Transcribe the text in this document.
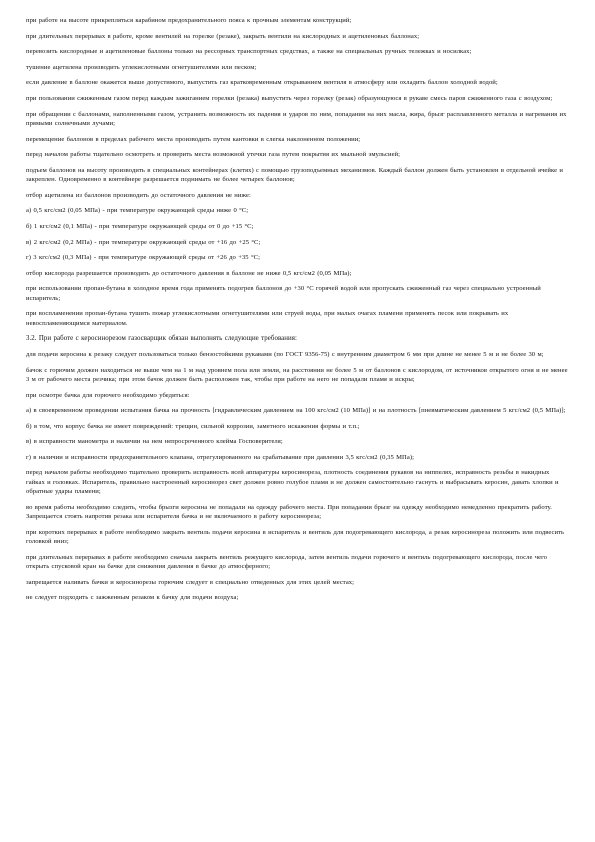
при работе на высоте прикрепляться карабином предохранительного пояса к прочным элементам конструкций;

при длительных перерывах в работе, кроме вентилей на горелке (резаке), закрыть вентили на кислородных и ацетиленовых баллонах;

перевозить кислородные и ацетиленовые баллоны только на рессорных транспортных средствах, а также на специальных ручных тележках и носилках;

тушение ацетилена производить углекислотными огнетушителями или песком;

если давление в баллоне окажется выше допустимого, выпустить газ кратковременным открыванием вентиля в атмосферу или охладить баллон холодной водой;

при пользовании сжиженным газом перед каждым зажиганием горелки (резака) выпустить через горелку (резак) образующуюся в рукаве смесь паров сжиженного газа с воздухом;

при обращении с баллонами, наполненными газом, устранить возможность их падения и ударов по ним, попадания на них масла, жира, брызг расплавленного металла и нагревания их прямыми солнечными лучами;

перемещение баллонов в пределах рабочего места производить путем кантовки в слегка наклоненном положении;

перед началом работы тщательно осмотреть и проверить места возможной утечки газа путем покрытия их мыльной эмульсией;

подъем баллонов на высоту производить в специальных контейнерах (клетях) с помощью грузоподъемных механизмов. Каждый баллон должен быть установлен в отдельной ячейке и закреплен. Одновременно в контейнере разрешается поднимать не более четырех баллонов;

отбор ацетилена из баллонов производить до остаточного давления не ниже:

а) 0,5 кгс/см2 (0,05 МПа) - при температуре окружающей среды ниже 0 °С;

б) 1 кгс/см2 (0,1 МПа) - при температуре окружающей среды от 0 до +15 °С;

в) 2 кгс/см2 (0,2 МПа) - при температуре окружающей среды от +16 до +25 °С;

г) 3 кгс/см2 (0,3 МПа) - при температуре окружающей среды от +26 до +35 °С;

отбор кислорода разрешается производить до остаточного давления в баллоне не ниже 0,5 кгс/см2 (0,05 МПа);

при использовании пропан-бутана в холодное время года применять подогрев баллонов до +30 °С горячей водой или пропускать сжиженный газ через специально устроенный испаритель;

при воспламенении пропан-бутана тушить пожар углекислотными огнетушителями или струей воды, при малых очагах пламени применять песок или покрывать их невоспламеняющимся материалом.

3.2. При работе с керосинорезом газосварщик обязан выполнять следующие требования:

для подачи керосина к резаку следует пользоваться только бензостойкими рукавами (по ГОСТ 9356-75) с внутренним диаметром 6 мм при длине не менее 5 м и не более 30 м;

бачок с горючим должен находиться не выше чем на 1 м над уровнем пола или земли, на расстоянии не более 5 м от баллонов с кислородом, от источников открытого огня и не менее 3 м от рабочего места резчика; при этом бачок должен быть расположен так, чтобы при работе на него не попадали пламя и искры;

при осмотре бачка для горючего необходимо убедиться:

а) в своевременном проведении испытания бачка на прочность [гидравлическим давлением на 100 кгс/см2 (10 МПа)] и на плотность [пневматическим давлением 5 кгс/см2 (0,5 МПа)];

б) в том, что корпус бачка не имеет повреждений: трещин, сильной коррозии, заметного искажения формы и т.п.;

в) в исправности манометра и наличии на нем непросроченного клейма Госповерителя;

г) в наличии и исправности предохранительного клапана, отрегулированного на срабатывание при давлении 3,5 кгс/см2 (0,35 МПа);

перед началом работы необходимо тщательно проверить исправность всей аппаратуры керосинореза, плотность соединения рукавов на ниппелях, исправность резьбы в накидных гайках и головках. Испаритель, правильно настроенный керосинорез свет должен ровно голубое пламя и не должен самостоятельно гаснуть и выбрасывать керосин, давать хлопки и обратные удары пламени;

во время работы необходимо следить, чтобы брызги керосина не попадали на одежду рабочего места. При попадании брызг на одежду необходимо немедленно прекратить работу. Запрещается стоять напротив резака или испарителя бачка и не включаемого в работу керосинореза;

при коротких перерывах в работе необходимо закрыть вентиль подачи керосина в испаритель и вентиль для подогревающего кислорода, а резак керосинореза положить или подвесить головкой вниз;

при длительных перерывах в работе необходимо сначала закрыть вентиль режущего кислорода, затем вентиль подачи горючего и вентиль подогревающего кислорода, после чего открыть спусковой кран на бачке для снижения давления в бачке до атмосферного;

запрещается наливать бачки и керосинорезы горючим следует в специально отведенных для этих целей местах;

не следует подходить с зажженным резаком к бачку для подачи воздуха;
